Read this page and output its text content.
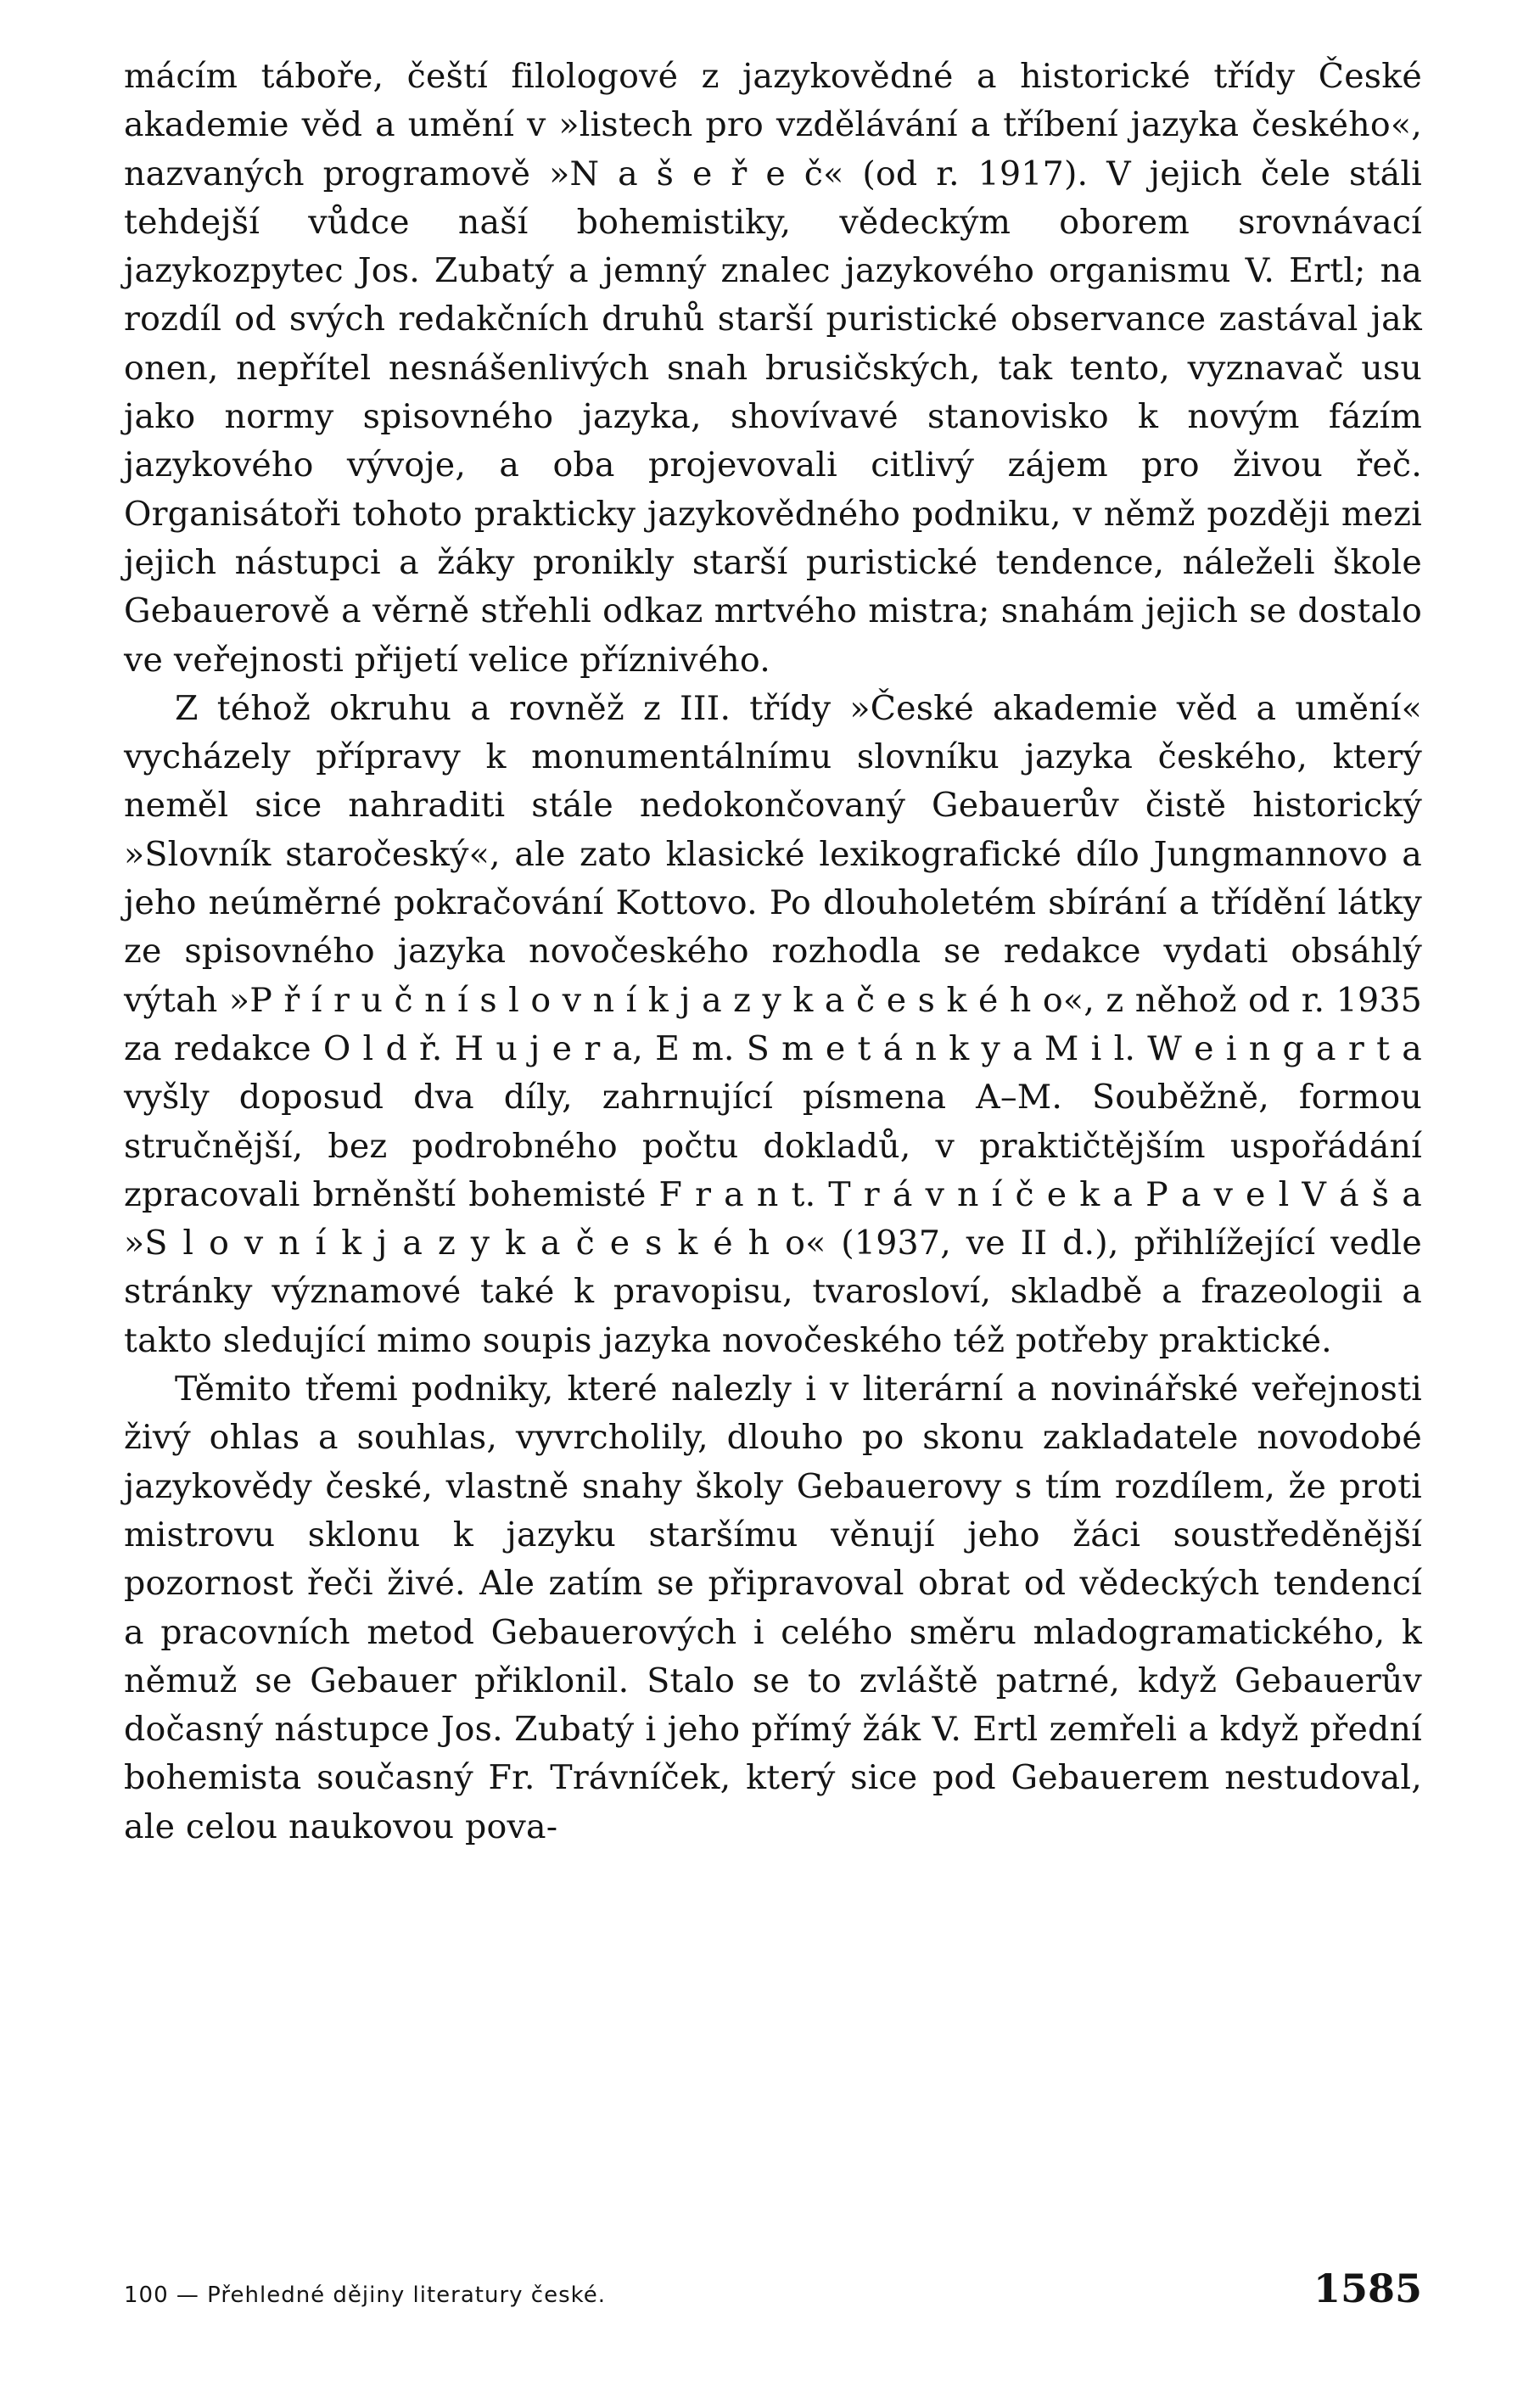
mácím táboře, čeští filologové z jazykovědné a historické třídy České akademie věd a umění v »listech pro vzdělávání a tříbení jazyka českého«, nazvaných programově »N a š e ř e č« (od r. 1917). V jejich čele stáli tehdejší vůdce naší bohemistiky, vědeckým oborem srovnávací jazykozpytec Jos. Zubatý a jemný znalec jazykového organismu V. Ertl; na rozdíl od svých redakčních druhů starší puristické observance zastával jak onen, nepřítel nesnášenlivých snah brusičských, tak tento, vyznavač usu jako normy spisovného jazyka, shovívavé stanovisko k novým fázím jazykového vývoje, a oba projevovali citlivý zájem pro živou řeč. Organisátoři tohoto prakticky jazykovědného podniku, v němž později mezi jejich nástupci a žáky pronikly starší puristické tendence, náleželi škole Gebauerově a věrně střehli odkaz mrtvého mistra; snahám jejich se dostalo ve veřejnosti přijetí velice příznivého.

Z téhož okruhu a rovněž z III. třídy »České akademie věd a umění« vycházely přípravy k monumentálnímu slovníku jazyka českého, který neměl sice nahraditi stále nedokončovaný Gebauerův čistě historický »Slovník staročeský«, ale zato klasické lexikografické dílo Jungmannovo a jeho neúměrné pokračování Kottovo. Po dlouholetém sbírání a třídění látky ze spisovného jazyka novočeského rozhodla se redakce vydati obsáhlý výtah »P ř í r u č n í s l o v n í k j a z y k a č e s k é h o«, z něhož od r. 1935 za redakce O l d ř. H u j e r a, E m. S m e t á n k y a M i l. W e i n g a r t a vyšly doposud dva díly, zahrnující písmena A–M. Souběžně, formou stručnější, bez podrobného počtu dokladů, v praktičtějším uspořádání zpracovali brněnští bohemisté F r a n t. T r á v n í č e k a P a v e l V á š a »S l o v n í k j a z y k a č e s k é h o« (1937, ve II d.), přihlížející vedle stránky významové také k pravopisu, tvarosloví, skladbě a frazeologii a takto sledující mimo soupis jazyka novočeského též potřeby praktické.

Těmito třemi podniky, které nalezly i v literární a novinářské veřejnosti živý ohlas a souhlas, vyvrcholily, dlouho po skonu zakladatele novodobé jazykovědy české, vlastně snahy školy Gebauerovy s tím rozdílem, že proti mistrovu sklonu k jazyku staršímu věnují jeho žáci soustředěnější pozornost řeči živé. Ale zatím se připravoval obrat od vědeckých tendencí a pracovních metod Gebauerových i celého směru mladogramatického, k němuž se Gebauer přiklonil. Stalo se to zvláště patrné, když Gebauerův dočasný nástupce Jos. Zubatý i jeho přímý žák V. Ertl zemřeli a když přední bohemista současný Fr. Trávníček, který sice pod Gebauerem nestudoval, ale celou naukovou pova-

100 — Přehledné dějiny literatury české.	1585
